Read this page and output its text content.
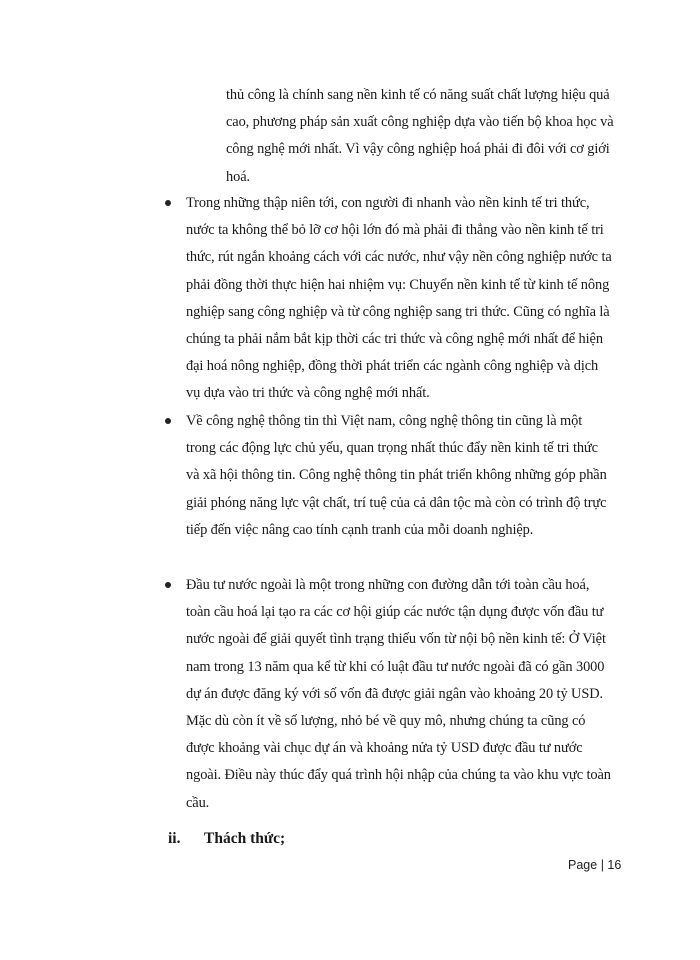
thủ công là chính sang nền kinh tế có năng suất chất lượng hiệu quả cao, phương pháp sản xuất công nghiệp dựa vào tiến bộ khoa học và công nghệ mới nhất. Vì vậy công nghiệp hoá phải đi đôi với cơ giới hoá.
Trong những thập niên tới, con người đi nhanh vào nền kinh tế tri thức, nước ta không thể bỏ lỡ cơ hội lớn đó mà phải đi thẳng vào nền kinh tế tri thức, rút ngắn khoảng cách với các nước, như vậy nền công nghiệp nước ta phải đồng thời thực hiện hai nhiệm vụ: Chuyển nền kinh tế từ kinh tế nông nghiệp sang công nghiệp và từ công nghiệp sang tri thức. Cũng có nghĩa là chúng ta phải nắm bắt kịp thời các tri thức và công nghệ mới nhất để hiện đại hoá nông nghiệp, đồng thời phát triển các ngành công nghiệp và dịch vụ dựa vào tri thức và công nghệ mới nhất.
Về công nghệ thông tin thì Việt nam, công nghệ thông tin cũng là một trong các động lực chủ yếu, quan trọng nhất thúc đẩy nền kinh tế tri thức và xã hội thông tin. Công nghệ thông tin phát triển không những góp phần giải phóng năng lực vật chất, trí tuệ của cả dân tộc mà còn có trình độ trực tiếp đến việc nâng cao tính cạnh tranh của mỗi doanh nghiệp.
Đầu tư nước ngoài là một trong những con đường dẫn tới toàn cầu hoá, toàn cầu hoá lại tạo ra các cơ hội giúp các nước tận dụng được vốn đầu tư nước ngoài để giải quyết tình trạng thiếu vốn từ nội bộ nền kinh tế: Ở Việt nam trong 13 năm qua kể từ khi có luật đầu tư nước ngoài đã có gần 3000 dự án được đăng ký với số vốn đã được giải ngân vào khoảng 20 tỷ USD. Mặc dù còn ít về số lượng, nhỏ bé về quy mô, nhưng chúng ta cũng có được khoảng vài chục dự án và khoảng nửa tỷ USD được đầu tư nước ngoài. Điều này thúc đẩy quá trình hội nhập của chúng ta vào khu vực toàn cầu.
ii. Thách thức;
Page | 16
